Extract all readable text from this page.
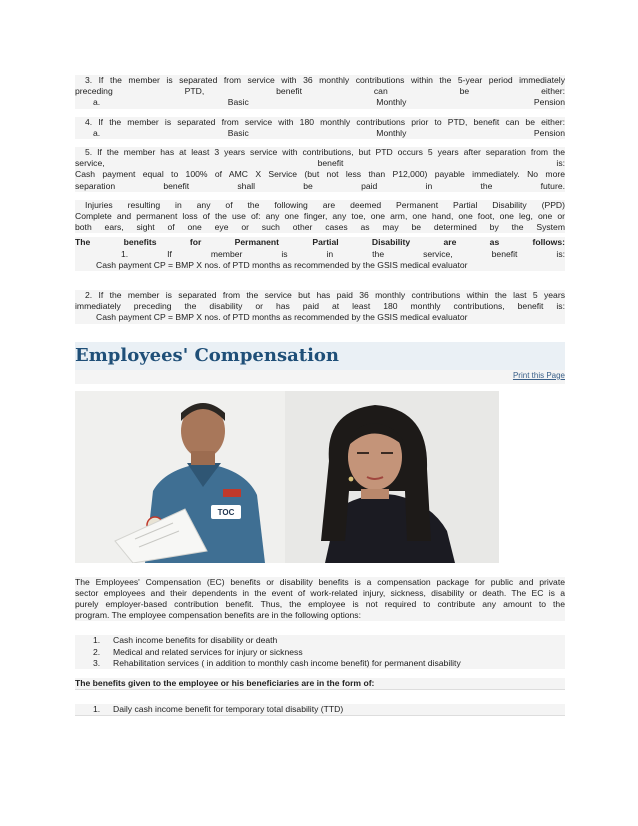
3. If the member is separated from service with 36 monthly contributions within the 5-year period immediately

preceding PTD, benefit can be either:

a. Basic Monthly Pension

4. If the member is separated from service with 180 monthly contributions prior to PTD, benefit can be either:

a. Basic Monthly Pension

5. If the member has at least 3 years service with contributions, but PTD occurs 5 years after separation from the

service, benefit is:

Cash payment equal to 100% of AMC X Service (but not less than P12,000) payable immediately. No more

separation benefit shall be paid in the future.

Injuries resulting in any of the following are deemed Permanent Partial Disability (PPD)

Complete and permanent loss of the use of: any one finger, any toe, one arm, one hand, one foot, one leg, one or

both ears, sight of one eye or such other cases as may be determined by the System

The benefits for Permanent Partial Disability are as follows:

1. If member is in the service, benefit is:

Cash payment CP = BMP X nos. of PTD months as recommended by the GSIS medical evaluator

2. If the member is separated from the service but has paid 36 monthly contributions within the last 5 years

immediately preceding the disability or has paid at least 180 monthly contributions, benefit is:

Cash payment CP = BMP X nos. of PTD months as recommended by the GSIS medical evaluator

Employees' Compensation
Print this Page
TOC

The Employees' Compensation (EC) benefits or disability benefits is a compensation package for public and private

sector employees and their dependents in the event of work-related injury, sickness, disability or death. The EC is a

purely employer-based contribution benefit. Thus, the employee is not required to contribute any amount to the

program. The employee compensation benefits are in the following options:

1.	Cash income benefits for disability or death
2.	Medical and related services for injury or sickness
3.	Rehabilitation services ( in addition to monthly cash income benefit) for permanent disability

The benefits given to the employee or his beneficiaries are in the form of:

1.	Daily cash income benefit for temporary total disability (TTD)
